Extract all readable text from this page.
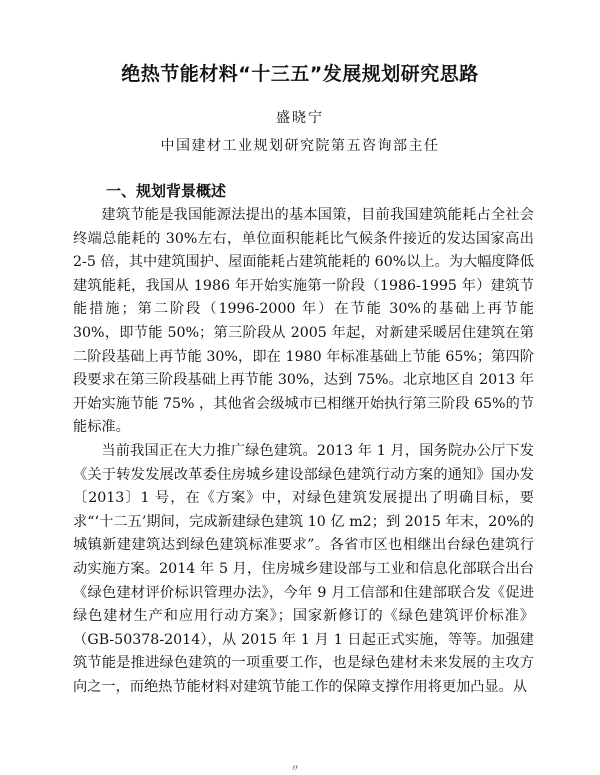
绝热节能材料“十三五”发展规划研究思路
盛晓宁
中国建材工业规划研究院第五咨询部主任
一、规划背景概述

建筑节能是我国能源法提出的基本国策，目前我国建筑能耗占全社会终端总能耗的 30%左右，单位面积能耗比气候条件接近的发达国家高出 2-5 倍，其中建筑围护、屋面能耗占建筑能耗的 60%以上。为大幅度降低建筑能耗，我国从 1986 年开始实施第一阶段（1986-1995 年）建筑节能措施；第二阶段（1996-2000 年）在节能 30%的基础上再节能 30%，即节能 50%；第三阶段从 2005 年起，对新建采暖居住建筑在第二阶段基础上再节能 30%，即在 1980 年标准基础上节能 65%；第四阶段要求在第三阶段基础上再节能 30%，达到 75%。北京地区自 2013 年开始实施节能 75% ，其他省会级城市已相继开始执行第三阶段 65%的节能标准。

当前我国正在大力推广绿色建筑。2013 年 1 月，国务院办公厅下发《关于转发发展改革委住房城乡建设部绿色建筑行动方案的通知》国办发〔2013〕1 号，在《方案》中，对绿色建筑发展提出了明确目标，要求“‘十二五’期间，完成新建绿色建筑 10 亿 m2；到 2015 年末，20%的城镇新建建筑达到绿色建筑标准要求”。各省市区也相继出台绿色建筑行动实施方案。2014 年 5 月，住房城乡建设部与工业和信息化部联合出台《绿色建材评价标识管理办法》，今年 9 月工信部和住建部联合发《促进绿色建材生产和应用行动方案》；国家新修订的《绿色建筑评价标准》（GB-50378-2014），从 2015 年 1 月 1 日起正式实施，等等。加强建筑节能是推进绿色建筑的一项重要工作，也是绿色建材未来发展的主攻方向之一，而绝热节能材料对建筑节能工作的保障支撑作用将更加凸显。从

〃
